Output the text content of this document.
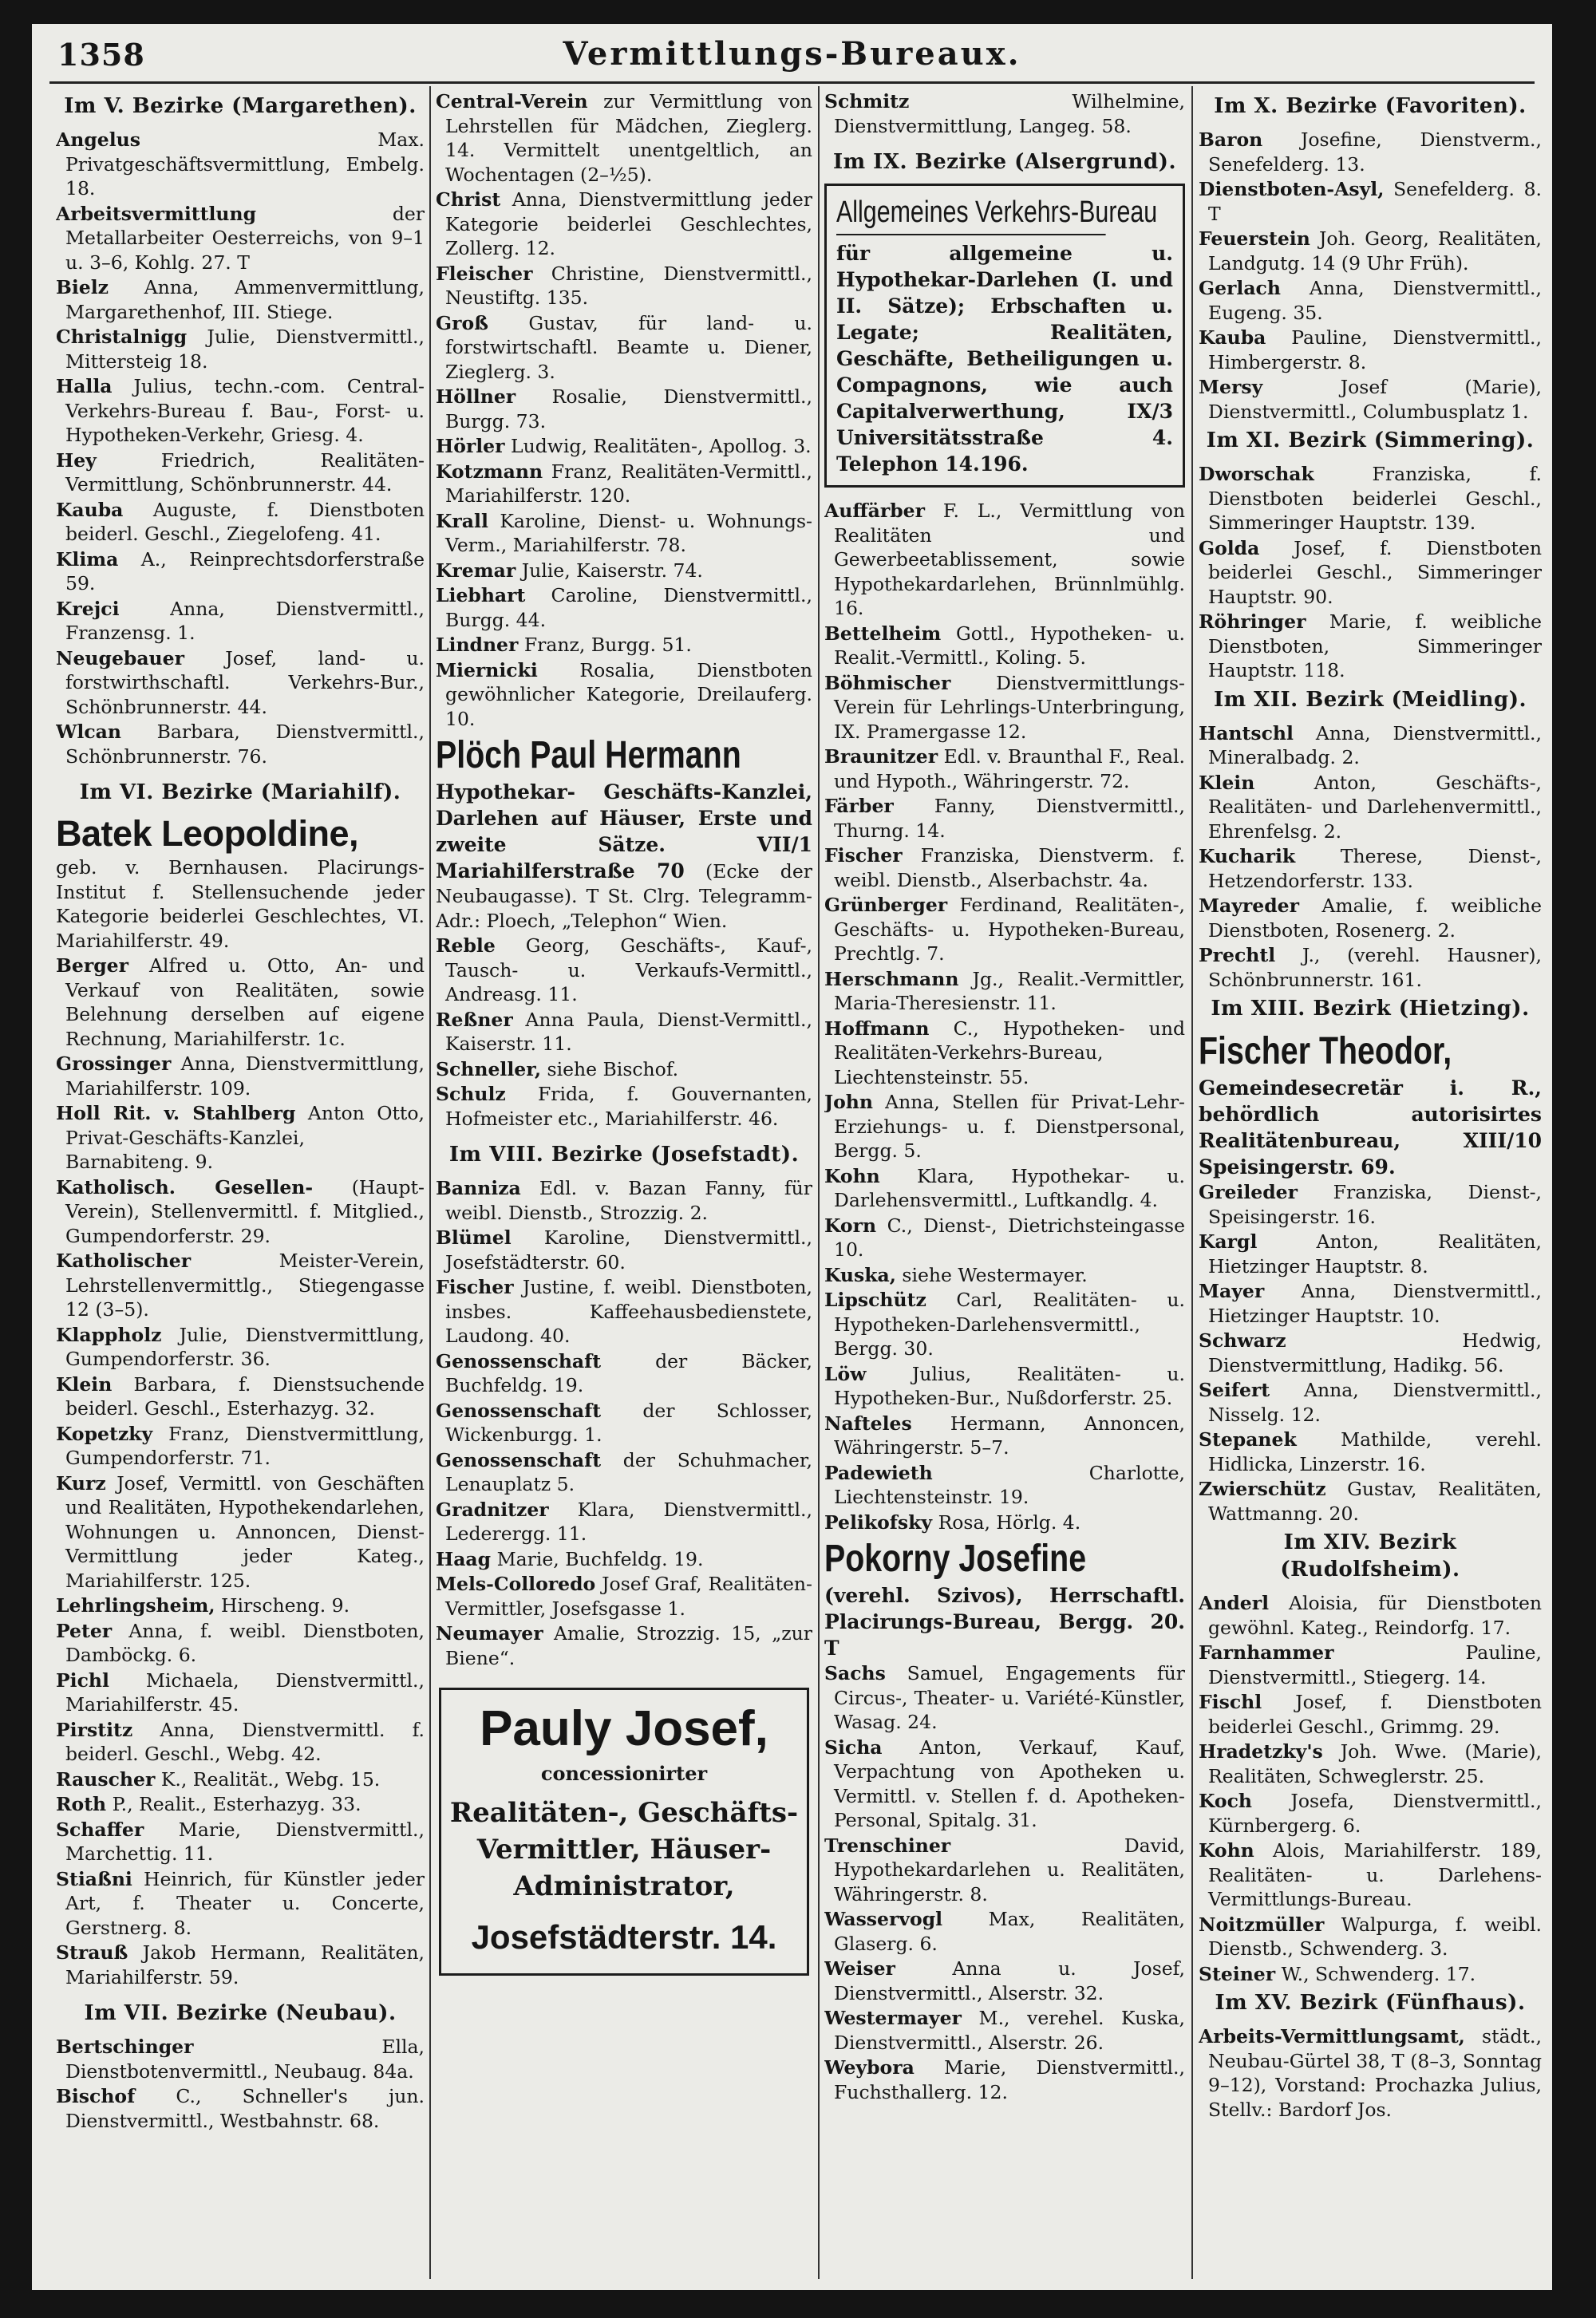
1358	Vermittlungs-Bureaux.
Im V. Bezirke (Margarethen).

Angelus Max. Privatgeschäftsvermittlung, Embelg. 18.

Arbeitsvermittlung der Metallarbeiter Oesterreichs, von 9–1 u. 3–6, Kohlg. 27. T

Bielz Anna, Ammenvermittlung, Margarethenhof, III. Stiege.

Christalnigg Julie, Dienstvermittl., Mittersteig 18.

Halla Julius, techn.-com. Central-Verkehrs-Bureau f. Bau-, Forst- u. Hypotheken-Verkehr, Griesg. 4.

Hey Friedrich, Realitäten-Vermittlung, Schönbrunnerstr. 44.

Kauba Auguste, f. Dienstboten beiderl. Geschl., Ziegelofeng. 41.

Klima A., Reinprechtsdorferstraße 59.

Krejci Anna, Dienstvermittl., Franzensg. 1.

Neugebauer Josef, land- u. forstwirthschaftl. Verkehrs-Bur., Schönbrunnerstr. 44.

Wlcan Barbara, Dienstvermittl., Schönbrunnerstr. 76.

Im VI. Bezirke (Mariahilf).
Batek Leopoldine,
geb. v. Bernhausen. Placirungs-Institut f. Stellensuchende jeder Kategorie beiderlei Geschlechtes, VI. Mariahilferstr. 49.

Berger Alfred u. Otto, An- und Verkauf von Realitäten, sowie Belehnung derselben auf eigene Rechnung, Mariahilferstr. 1c.

Grossinger Anna, Dienstvermittlung, Mariahilferstr. 109.

Holl Rit. v. Stahlberg Anton Otto, Privat-Geschäfts-Kanzlei, Barnabiteng. 9.

Katholisch. Gesellen- (Haupt-Verein), Stellenvermittl. f. Mitglied., Gumpendorferstr. 29.

Katholischer Meister-Verein, Lehrstellenvermittlg., Stiegengasse 12 (3–5).

Klappholz Julie, Dienstvermittlung, Gumpendorferstr. 36.

Klein Barbara, f. Dienstsuchende beiderl. Geschl., Esterhazyg. 32.

Kopetzky Franz, Dienstvermittlung, Gumpendorferstr. 71.

Kurz Josef, Vermittl. von Geschäften und Realitäten, Hypothekendarlehen, Wohnungen u. Annoncen, Dienst-Vermittlung jeder Kateg., Mariahilferstr. 125.

Lehrlingsheim, Hirscheng. 9.

Peter Anna, f. weibl. Dienstboten, Damböckg. 6.

Pichl Michaela, Dienstvermittl., Mariahilferstr. 45.

Pirstitz Anna, Dienstvermittl. f. beiderl. Geschl., Webg. 42.

Rauscher K., Realität., Webg. 15.

Roth P., Realit., Esterhazyg. 33.

Schaffer Marie, Dienstvermittl., Marchettig. 11.

Stiaßni Heinrich, für Künstler jeder Art, f. Theater u. Concerte, Gerstnerg. 8.

Strauß Jakob Hermann, Realitäten, Mariahilferstr. 59.

Im VII. Bezirke (Neubau).

Bertschinger Ella, Dienstbotenvermittl., Neubaug. 84a.

Bischof C., Schneller's jun. Dienstvermittl., Westbahnstr. 68.

Central-Verein zur Vermittlung von Lehrstellen für Mädchen, Zieglerg. 14. Vermittelt unentgeltlich, an Wochentagen (2–½5).

Christ Anna, Dienstvermittlung jeder Kategorie beiderlei Geschlechtes, Zollerg. 12.

Fleischer Christine, Dienstvermittl., Neustiftg. 135.

Groß Gustav, für land- u. forstwirtschaftl. Beamte u. Diener, Zieglerg. 3.

Höllner Rosalie, Dienstvermittl., Burgg. 73.

Hörler Ludwig, Realitäten-, Apollog. 3.

Kotzmann Franz, Realitäten-Vermittl., Mariahilferstr. 120.

Krall Karoline, Dienst- u. Wohnungs-Verm., Mariahilferstr. 78.

Kremar Julie, Kaiserstr. 74.

Liebhart Caroline, Dienstvermittl., Burgg. 44.

Lindner Franz, Burgg. 51.

Miernicki Rosalia, Dienstboten gewöhnlicher Kategorie, Dreilauferg. 10.

Plöch Paul Hermann
Hypothekar- Geschäfts-Kanzlei, Darlehen auf Häuser, Erste und zweite Sätze. VII/1 Mariahilferstraße 70 (Ecke der Neubaugasse). T St. Clrg. Telegramm-Adr.: Ploech, „Telephon“ Wien.

Reble Georg, Geschäfts-, Kauf-, Tausch- u. Verkaufs-Vermittl., Andreasg. 11.

Reßner Anna Paula, Dienst-Vermittl., Kaiserstr. 11.

Schneller, siehe Bischof.

Schulz Frida, f. Gouvernanten, Hofmeister etc., Mariahilferstr. 46.

Im VIII. Bezirke (Josefstadt).

Banniza Edl. v. Bazan Fanny, für weibl. Dienstb., Strozzig. 2.

Blümel Karoline, Dienstvermittl., Josefstädterstr. 60.

Fischer Justine, f. weibl. Dienstboten, insbes. Kaffeehausbedienstete, Laudong. 40.

Genossenschaft der Bäcker, Buchfeldg. 19.

Genossenschaft der Schlosser, Wickenburgg. 1.

Genossenschaft der Schuhmacher, Lenauplatz 5.

Gradnitzer Klara, Dienstvermittl., Lederergg. 11.

Haag Marie, Buchfeldg. 19.

Mels-Colloredo Josef Graf, Realitäten-Vermittler, Josefsgasse 1.

Neumayer Amalie, Strozzig. 15, „zur Biene“.

Pauly Josef,
concessionirter
Realitäten-, Geschäfts-Vermittler, Häuser-Administrator,
Josefstädterstr. 14.

Schmitz Wilhelmine, Dienstvermittlung, Langeg. 58.

Im IX. Bezirke (Alsergrund).
Allgemeines Verkehrs-Bureau
für allgemeine u. Hypothekar-Darlehen (I. und II. Sätze); Erbschaften u. Legate; Realitäten, Geschäfte, Betheiligungen u. Compagnons, wie auch Capitalverwerthung, IX/3 Universitätsstraße 4. Telephon 14.196.

Auffärber F. L., Vermittlung von Realitäten und Gewerbeetablissement, sowie Hypothekardarlehen, Brünnlmühlg. 16.

Bettelheim Gottl., Hypotheken- u. Realit.-Vermittl., Koling. 5.

Böhmischer Dienstvermittlungs-Verein für Lehrlings-Unterbringung, IX. Pramergasse 12.

Braunitzer Edl. v. Braunthal F., Real. und Hypoth., Währingerstr. 72.

Färber Fanny, Dienstvermittl., Thurng. 14.

Fischer Franziska, Dienstverm. f. weibl. Dienstb., Alserbachstr. 4a.

Grünberger Ferdinand, Realitäten-, Geschäfts- u. Hypotheken-Bureau, Prechtlg. 7.

Herschmann Jg., Realit.-Vermittler, Maria-Theresienstr. 11.

Hoffmann C., Hypotheken- und Realitäten-Verkehrs-Bureau, Liechtensteinstr. 55.

John Anna, Stellen für Privat-Lehr-Erziehungs- u. f. Dienstpersonal, Bergg. 5.

Kohn Klara, Hypothekar- u. Darlehensvermittl., Luftkandlg. 4.

Korn C., Dienst-, Dietrichsteingasse 10.

Kuska, siehe Westermayer.

Lipschütz Carl, Realitäten- u. Hypotheken-Darlehensvermittl., Bergg. 30.

Löw Julius, Realitäten- u. Hypotheken-Bur., Nußdorferstr. 25.

Nafteles Hermann, Annoncen, Währingerstr. 5–7.

Padewieth Charlotte, Liechtensteinstr. 19.

Pelikofsky Rosa, Hörlg. 4.

Pokorny Josefine
(verehl. Szivos), Herrschaftl. Placirungs-Bureau, Bergg. 20. T

Sachs Samuel, Engagements für Circus-, Theater- u. Variété-Künstler, Wasag. 24.

Sicha Anton, Verkauf, Kauf, Verpachtung von Apotheken u. Vermittl. v. Stellen f. d. Apotheken-Personal, Spitalg. 31.

Trenschiner David, Hypothekardarlehen u. Realitäten, Währingerstr. 8.

Wasservogl Max, Realitäten, Glaserg. 6.

Weiser Anna u. Josef, Dienstvermittl., Alserstr. 32.

Westermayer M., verehel. Kuska, Dienstvermittl., Alserstr. 26.

Weybora Marie, Dienstvermittl., Fuchsthallerg. 12.

Im X. Bezirke (Favoriten).

Baron Josefine, Dienstverm., Senefelderg. 13.

Dienstboten-Asyl, Senefelderg. 8. T

Feuerstein Joh. Georg, Realitäten, Landgutg. 14 (9 Uhr Früh).

Gerlach Anna, Dienstvermittl., Eugeng. 35.

Kauba Pauline, Dienstvermittl., Himbergerstr. 8.

Mersy Josef (Marie), Dienstvermittl., Columbusplatz 1.

Im XI. Bezirk (Simmering).

Dworschak Franziska, f. Dienstboten beiderlei Geschl., Simmeringer Hauptstr. 139.

Golda Josef, f. Dienstboten beiderlei Geschl., Simmeringer Hauptstr. 90.

Röhringer Marie, f. weibliche Dienstboten, Simmeringer Hauptstr. 118.

Im XII. Bezirk (Meidling).

Hantschl Anna, Dienstvermittl., Mineralbadg. 2.

Klein Anton, Geschäfts-, Realitäten- und Darlehenvermittl., Ehrenfelsg. 2.

Kucharik Therese, Dienst-, Hetzendorferstr. 133.

Mayreder Amalie, f. weibliche Dienstboten, Rosenerg. 2.

Prechtl J., (verehl. Hausner), Schönbrunnerstr. 161.

Im XIII. Bezirk (Hietzing).
Fischer Theodor,
Gemeindesecretär i. R., behördlich autorisirtes Realitätenbureau, XIII/10 Speisingerstr. 69.

Greileder Franziska, Dienst-, Speisingerstr. 16.

Kargl Anton, Realitäten, Hietzinger Hauptstr. 8.

Mayer Anna, Dienstvermittl., Hietzinger Hauptstr. 10.

Schwarz Hedwig, Dienstvermittlung, Hadikg. 56.

Seifert Anna, Dienstvermittl., Nisselg. 12.

Stepanek Mathilde, verehl. Hidlicka, Linzerstr. 16.

Zwierschütz Gustav, Realitäten, Wattmanng. 20.

Im XIV. Bezirk (Rudolfsheim).

Anderl Aloisia, für Dienstboten gewöhnl. Kateg., Reindorfg. 17.

Farnhammer Pauline, Dienstvermittl., Stiegerg. 14.

Fischl Josef, f. Dienstboten beiderlei Geschl., Grimmg. 29.

Hradetzky's Joh. Wwe. (Marie), Realitäten, Schweglerstr. 25.

Koch Josefa, Dienstvermittl., Kürnbergerg. 6.

Kohn Alois, Mariahilferstr. 189, Realitäten- u. Darlehens-Vermittlungs-Bureau.

Noitzmüller Walpurga, f. weibl. Dienstb., Schwenderg. 3.

Steiner W., Schwenderg. 17.

Im XV. Bezirk (Fünfhaus).

Arbeits-Vermittlungsamt, städt., Neubau-Gürtel 38, T (8–3, Sonntag 9–12), Vorstand: Prochazka Julius, Stellv.: Bardorf Jos.
